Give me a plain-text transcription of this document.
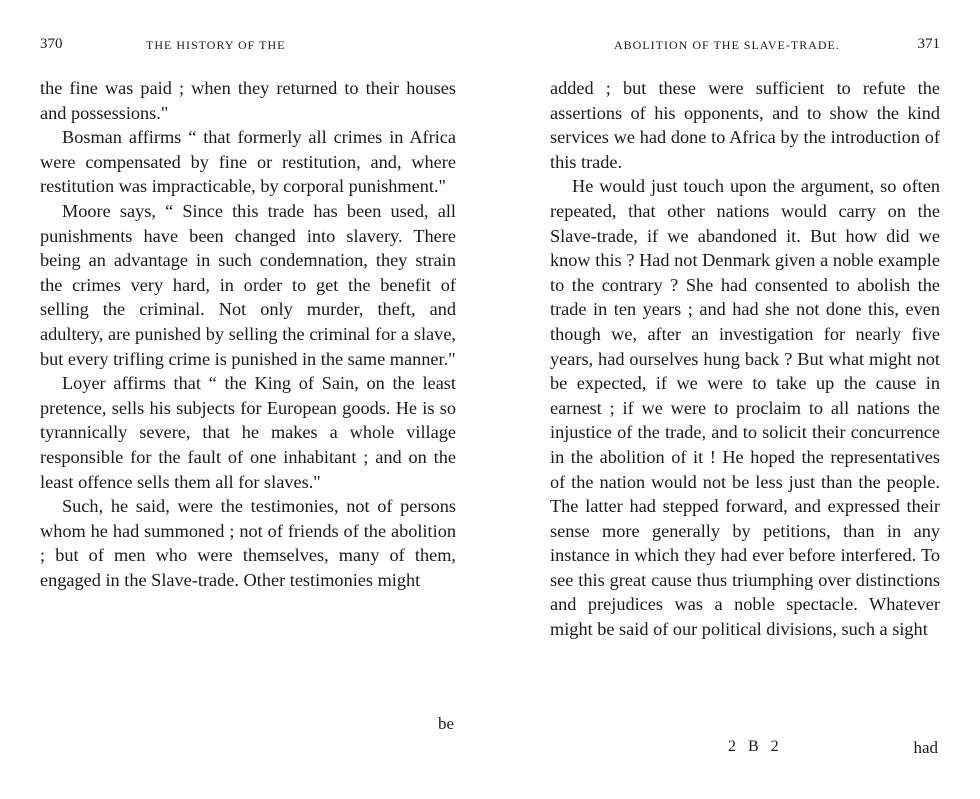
370	THE HISTORY OF THE

the fine was paid ; when they returned to their houses and possessions."

Bosman affirms “ that formerly all crimes in Africa were compensated by fine or restitution, and, where restitution was impracticable, by corporal punishment."

Moore says, “ Since this trade has been used, all punishments have been changed into slavery. There being an advantage in such condemnation, they strain the crimes very hard, in order to get the benefit of selling the criminal. Not only murder, theft, and adultery, are punished by selling the criminal for a slave, but every trifling crime is punished in the same manner."

Loyer affirms that “ the King of Sain, on the least pretence, sells his subjects for European goods. He is so tyrannically severe, that he makes a whole village responsible for the fault of one inhabitant ; and on the least offence sells them all for slaves."

Such, he said, were the testimonies, not of persons whom he had summoned ; not of friends of the abolition ; but of men who were themselves, many of them, engaged in the Slave-trade. Other testimonies might

be
ABOLITION OF THE SLAVE-TRADE.	371

added ; but these were sufficient to refute the assertions of his opponents, and to show the kind services we had done to Africa by the introduction of this trade.

He would just touch upon the argument, so often repeated, that other nations would carry on the Slave-trade, if we abandoned it. But how did we know this ? Had not Denmark given a noble example to the contrary ? She had consented to abolish the trade in ten years ; and had she not done this, even though we, after an investigation for nearly five years, had ourselves hung back ? But what might not be expected, if we were to take up the cause in earnest ; if we were to proclaim to all nations the injustice of the trade, and to solicit their concurrence in the abolition of it ! He hoped the representatives of the nation would not be less just than the people. The latter had stepped forward, and expressed their sense more generally by petitions, than in any instance in which they had ever before interfered. To see this great cause thus triumphing over distinctions and prejudices was a noble spectacle. Whatever might be said of our political divisions, such a sight

2 B 2	had
